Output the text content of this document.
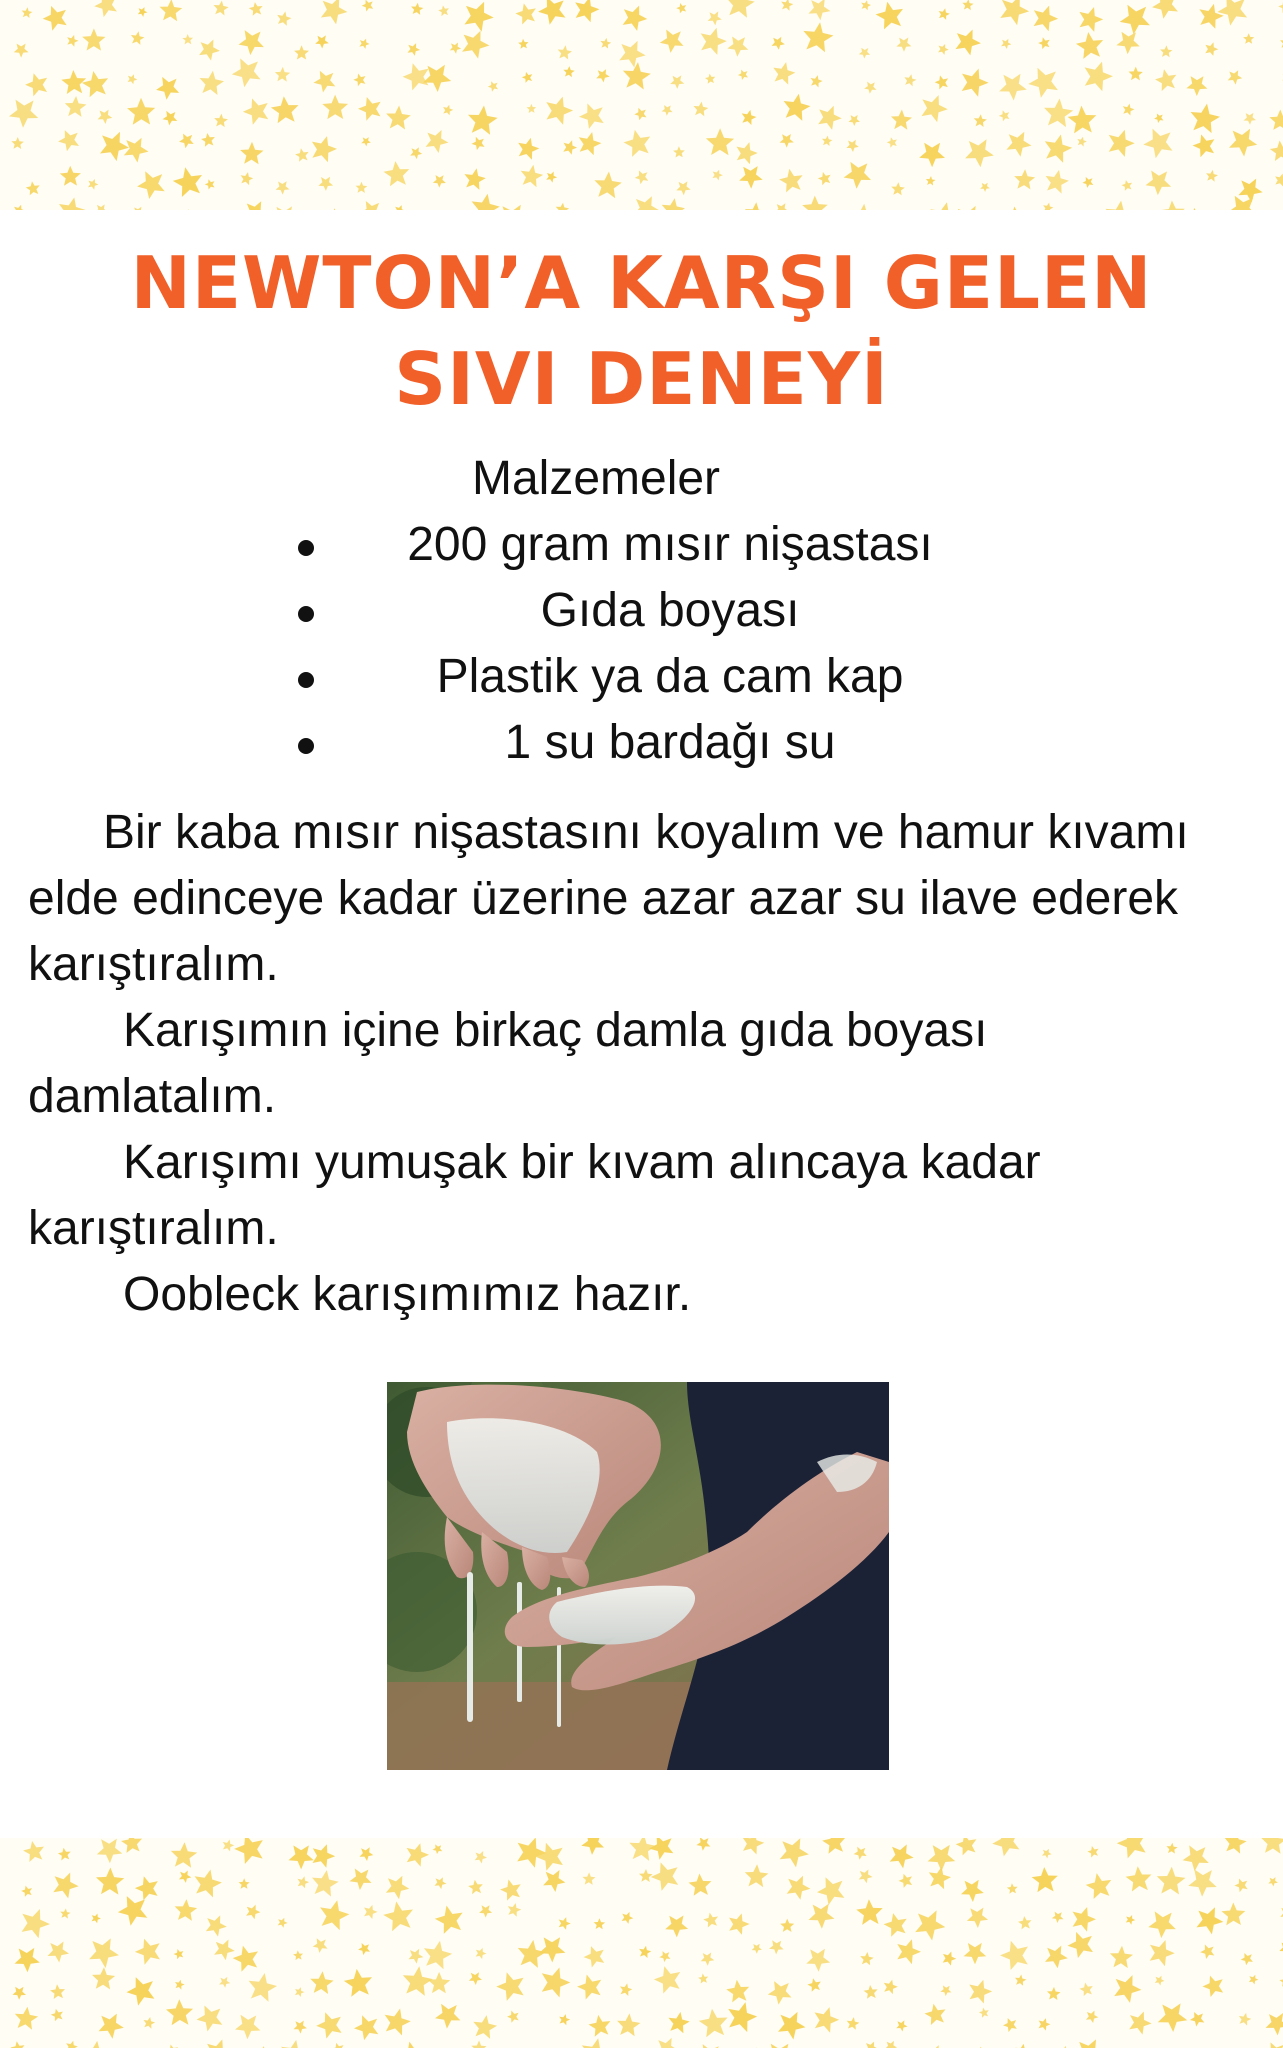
NEWTON’A KARŞI GELEN
SIVI DENEYİ
Malzemeler
200 gram mısır nişastası
Gıda boyası
Plastik ya da cam kap
1 su bardağı su

Bir kaba mısır nişastasını koyalım ve hamur kıvamı elde edinceye kadar üzerine azar azar su ilave ederek karıştıralım.

Karışımın içine birkaç damla gıda boyası damlatalım.

Karışımı yumuşak bir kıvam alıncaya kadar karıştıralım.

Oobleck karışımımız hazır.
